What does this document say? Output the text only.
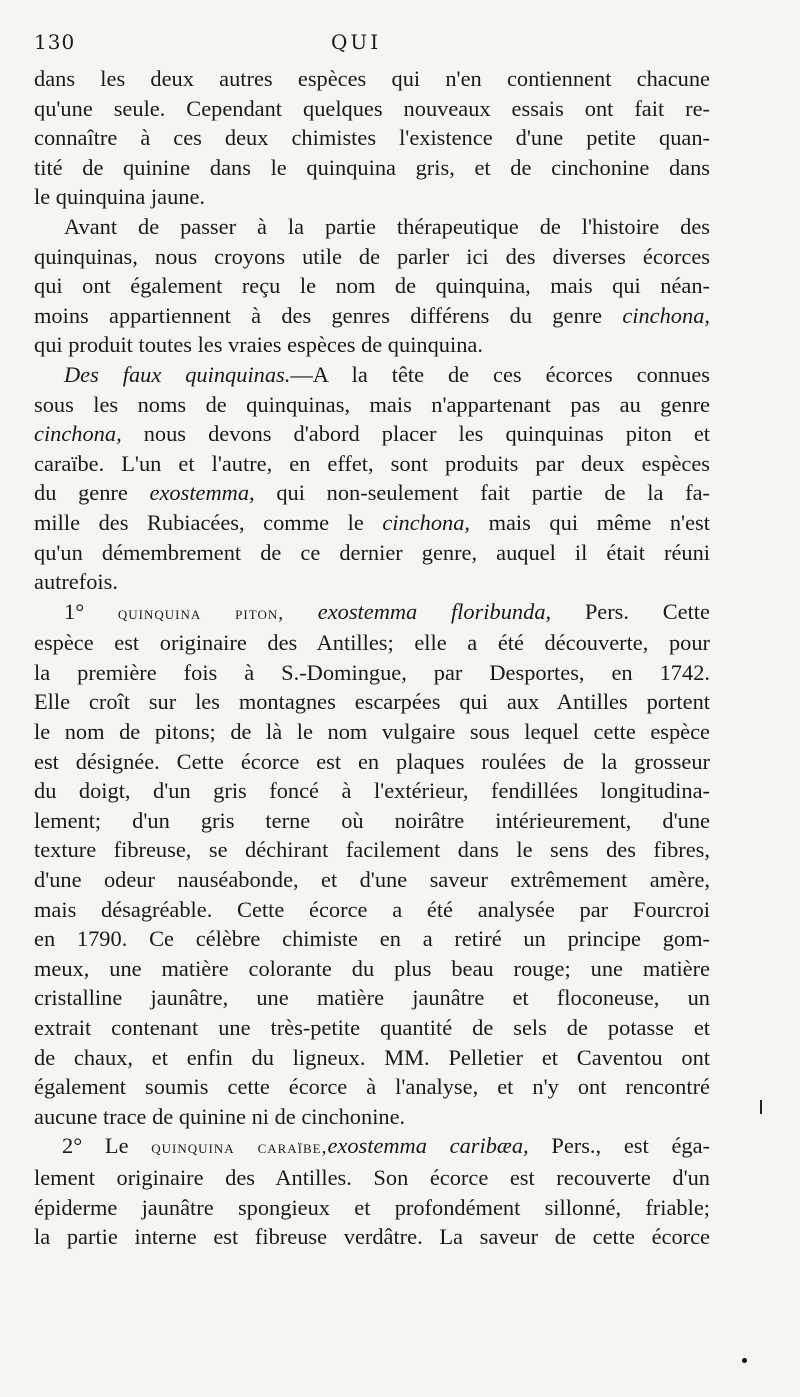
130	QUI
dans les deux autres espèces qui n'en contiennent chacune
qu'une seule. Cependant quelques nouveaux essais ont fait re-
connaître à ces deux chimistes l'existence d'une petite quan-
tité de quinine dans le quinquina gris, et de cinchonine dans
le quinquina jaune.
Avant de passer à la partie thérapeutique de l'histoire des
quinquinas, nous croyons utile de parler ici des diverses écorces
qui ont également reçu le nom de quinquina, mais qui néan-
moins appartiennent à des genres différens du genre cinchona,
qui produit toutes les vraies espèces de quinquina.
Des faux quinquinas.—A la tête de ces écorces connues
sous les noms de quinquinas, mais n'appartenant pas au genre
cinchona, nous devons d'abord placer les quinquinas piton et
caraïbe. L'un et l'autre, en effet, sont produits par deux espèces
du genre exostemma, qui non-seulement fait partie de la fa-
mille des Rubiacées, comme le cinchona, mais qui même n'est
qu'un démembrement de ce dernier genre, auquel il était réuni
autrefois.
1° quinquina piton, exostemma floribunda, Pers. Cette
espèce est originaire des Antilles; elle a été découverte, pour
la première fois à S.-Domingue, par Desportes, en 1742.
Elle croît sur les montagnes escarpées qui aux Antilles portent
le nom de pitons; de là le nom vulgaire sous lequel cette espèce
est désignée. Cette écorce est en plaques roulées de la grosseur
du doigt, d'un gris foncé à l'extérieur, fendillées longitudina-
lement; d'un gris terne où noirâtre intérieurement, d'une
texture fibreuse, se déchirant facilement dans le sens des fibres,
d'une odeur nauséabonde, et d'une saveur extrêmement amère,
mais désagréable. Cette écorce a été analysée par Fourcroi
en 1790. Ce célèbre chimiste en a retiré un principe gom-
meux, une matière colorante du plus beau rouge; une matière
cristalline jaunâtre, une matière jaunâtre et floconeuse, un
extrait contenant une très-petite quantité de sels de potasse et
de chaux, et enfin du ligneux. MM. Pelletier et Caventou ont
également soumis cette écorce à l'analyse, et n'y ont rencontré
aucune trace de quinine ni de cinchonine.
2° Le quinquina caraïbe,exostemma caribæa, Pers., est éga-
lement originaire des Antilles. Son écorce est recouverte d'un
épiderme jaunâtre spongieux et profondément sillonné, friable;
la partie interne est fibreuse verdâtre. La saveur de cette écorce
